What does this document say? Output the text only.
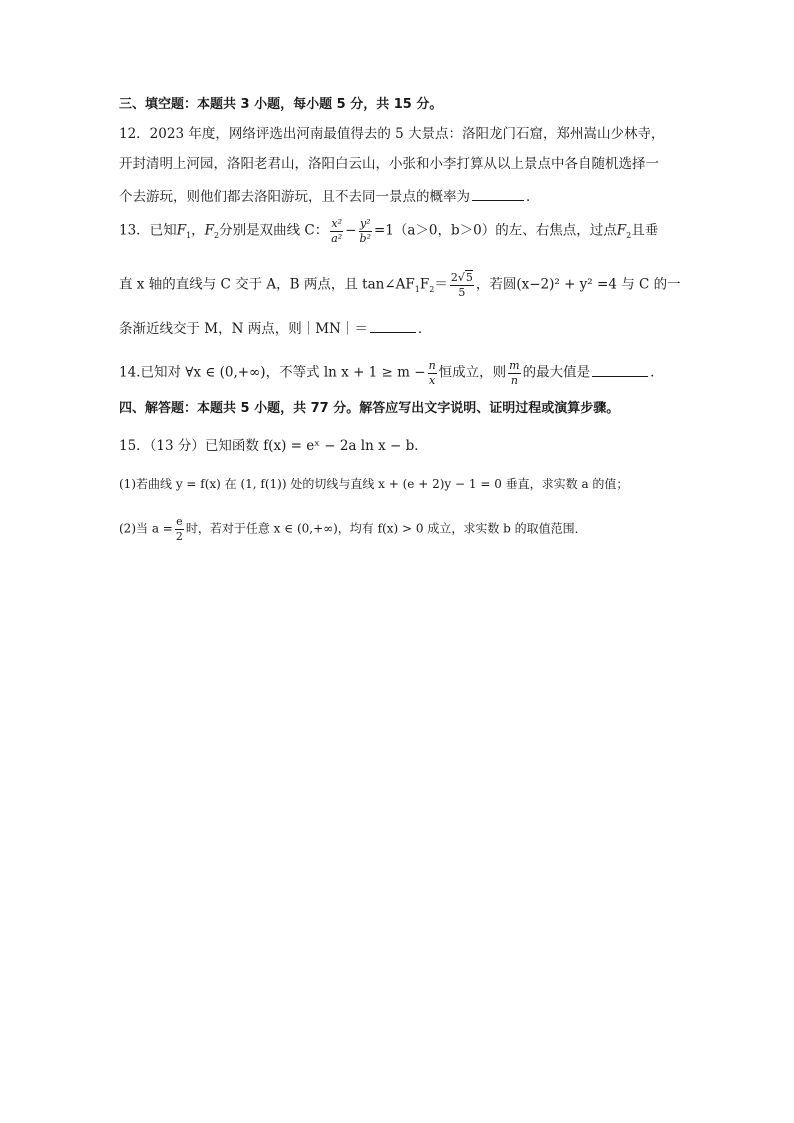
三、填空题：本题共 3 小题，每小题 5 分，共 15 分。
12．2023 年度，网络评选出河南最值得去的 5 大景点：洛阳龙门石窟，郑州嵩山少林寺，
开封清明上河园，洛阳老君山，洛阳白云山，小张和小李打算从以上景点中各自随机选择一
个去游玩，则他们都去洛阳游玩，且不去同一景点的概率为	．
13．已知$F_1$，$F_2$分别是双曲线 C： $\frac{\text{x²}}{\text{a²}} - \frac{\text{y²}}{\text{b²}} =1(a>0$，b＞0）的左、右焦点，过点$F_2$且垂
直 x 轴的直线与 C 交于 A，B 两点，且 $\tan\angle AF_1F_2= \frac{2√5}{5}$ ，若圆(x−2)² + y² =4 与 C 的一
条渐近线交于 M，N 两点，则｜MN｜＝	．
14.已知对 ∀x ∈ (0,+∞)，不等式 $\ln x + 1 \ge m - \frac{n}{x}$ 恒成立，则 $\frac{m}{n}$ 的最大值是	.
四、解答题：本题共 5 小题，共 77 分。解答应写出文字说明、证明过程或演算步骤。
15．（13 分）已知函数 f(x) = eˣ − 2a ln x − b．
(1)若曲线 y = f(x) 在 (1, f(1)) 处的切线与直线 x + (e + 2)y − 1 = 0 垂直，求实数 a 的值；
(2)当 $a = \frac{e}{2}$ 时，若对于任意 x ∈ (0,+∞)，均有 f(x) > 0 成立，求实数 b 的取值范围．
